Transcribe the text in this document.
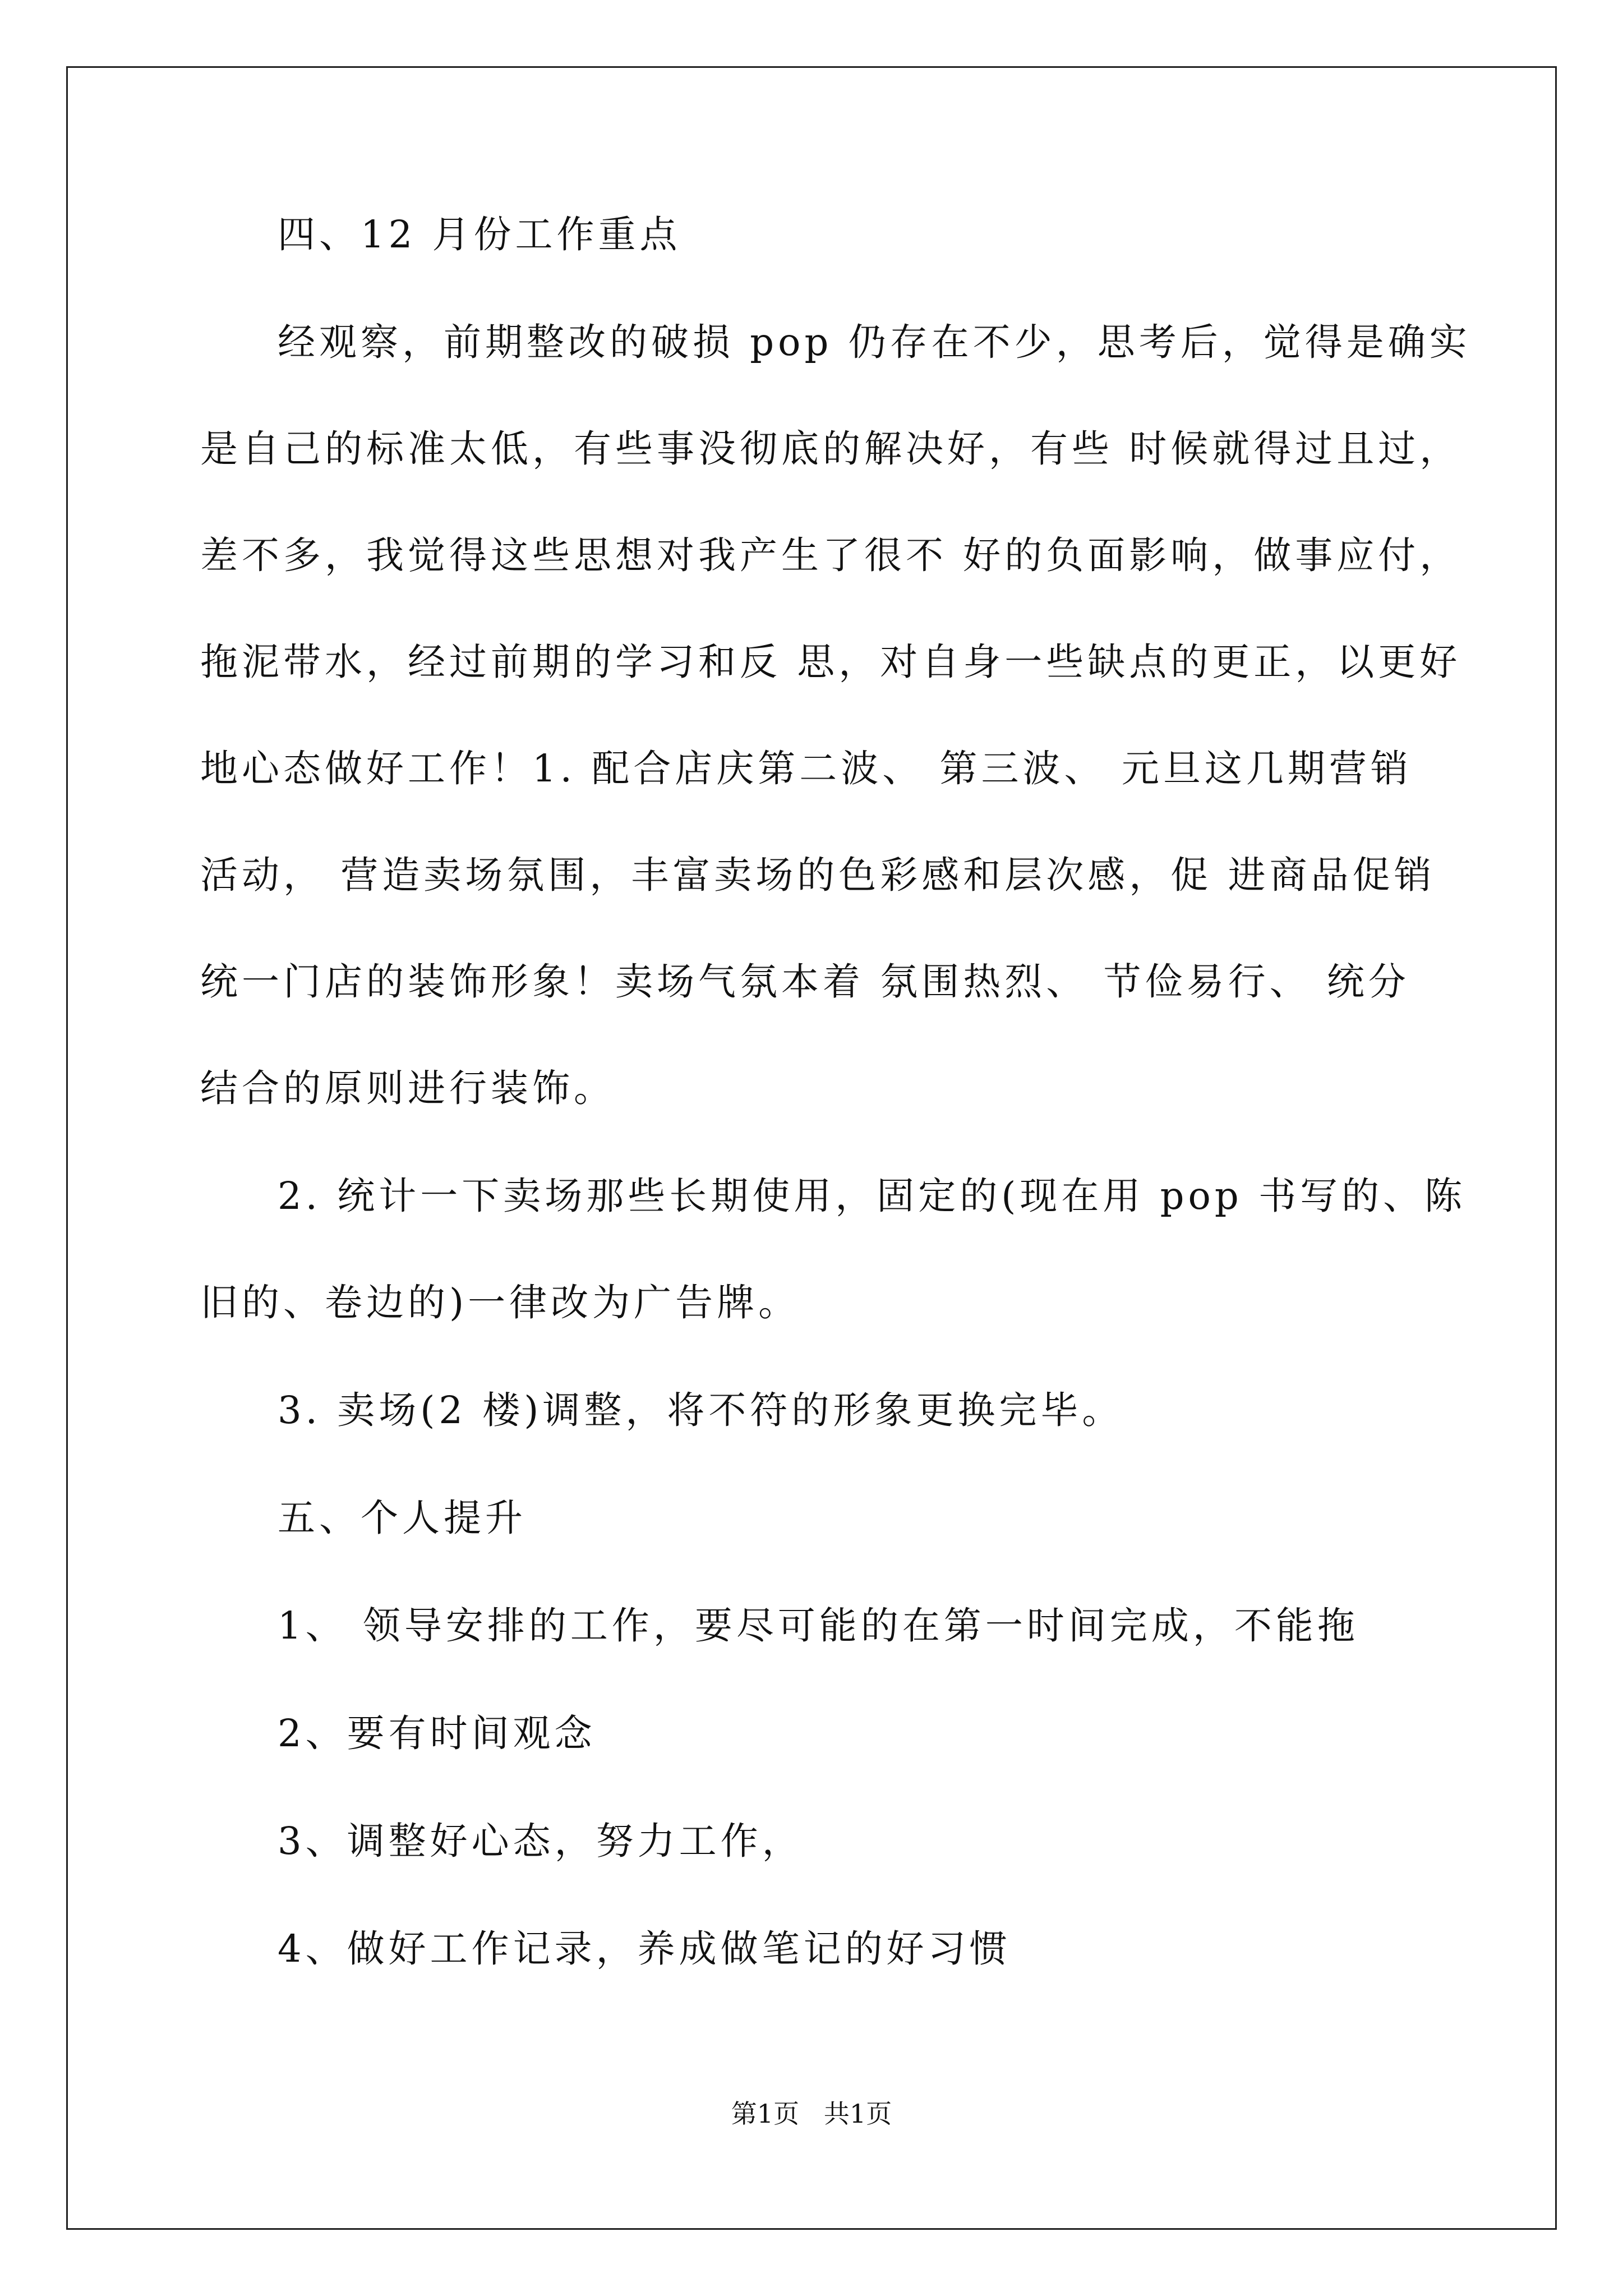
四、12 月份工作重点
经观察，前期整改的破损 pop 仍存在不少，思考后，觉得是确实
是自己的标准太低，有些事没彻底的解决好，有些 时候就得过且过，
差不多，我觉得这些思想对我产生了很不 好的负面影响，做事应付，
拖泥带水，经过前期的学习和反 思，对自身一些缺点的更正，以更好
地心态做好工作！1. 配合店庆第二波、 第三波、 元旦这几期营销
活动， 营造卖场氛围，丰富卖场的色彩感和层次感，促 进商品促销
统一门店的装饰形象！卖场气氛本着 氛围热烈、 节俭易行、 统分
结合的原则进行装饰。
2. 统计一下卖场那些长期使用，固定的(现在用 pop 书写的、陈
旧的、卷边的)一律改为广告牌。
3. 卖场(2 楼)调整，将不符的形象更换完毕。
五、个人提升
1、 领导安排的工作，要尽可能的在第一时间完成，不能拖
2、要有时间观念
3、调整好心态，努力工作，
4、做好工作记录，养成做笔记的好习惯
第1页   共1页
